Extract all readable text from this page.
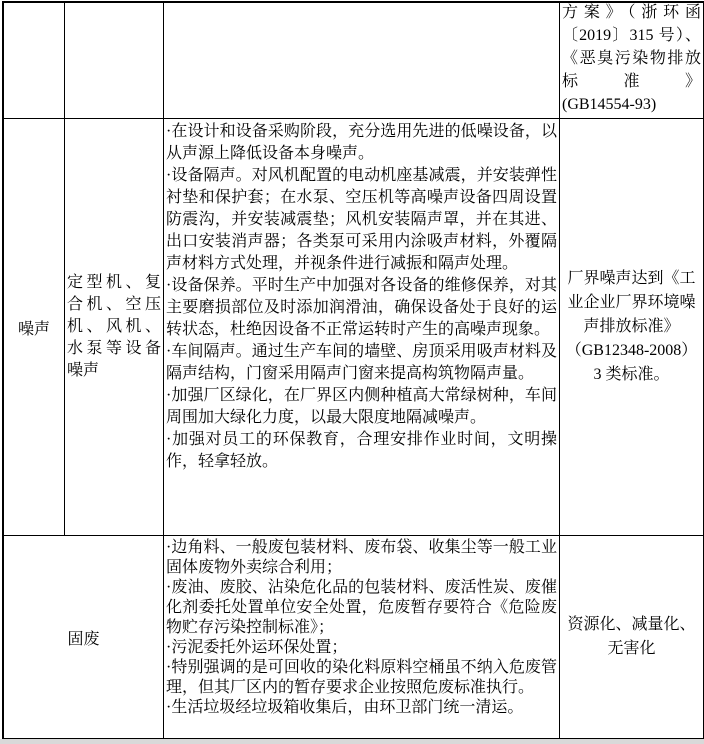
方案》（浙环函
〔2019〕315 号）、
《恶臭污染物排放
标准》
(GB14554-93)
噪声
定型机、复合机、空压机、风机、水泵等设备噪声
·在设计和设备采购阶段，充分选用先进的低噪设备，以从声源上降低设备本身噪声。
·设备隔声。对风机配置的电动机座基减震，并安装弹性衬垫和保护套；在水泵、空压机等高噪声设备四周设置防震沟，并安装减震垫；风机安装隔声罩，并在其进、出口安装消声器；各类泵可采用内涂吸声材料，外覆隔声材料方式处理，并视条件进行减振和隔声处理。
·设备保养。平时生产中加强对各设备的维修保养，对其主要磨损部位及时添加润滑油，确保设备处于良好的运转状态，杜绝因设备不正常运转时产生的高噪声现象。
·车间隔声。通过生产车间的墙壁、房顶采用吸声材料及隔声结构，门窗采用隔声门窗来提高构筑物隔声量。
·加强厂区绿化，在厂界区内侧种植高大常绿树种，车间周围加大绿化力度，以最大限度地隔减噪声。
·加强对员工的环保教育，合理安排作业时间，文明操作，轻拿轻放。
厂界噪声达到《工业企业厂界环境噪声排放标准》（GB12348-2008）3 类标准。
固废
·边角料、一般废包装材料、废布袋、收集尘等一般工业固体废物外卖综合利用；
·废油、废胶、沾染危化品的包装材料、废活性炭、废催化剂委托处置单位安全处置，危废暂存要符合《危险废物贮存污染控制标准》；
·污泥委托外运环保处置；
·特别强调的是可回收的染化料原料空桶虽不纳入危废管理，但其厂区内的暂存要求企业按照危废标准执行。
·生活垃圾经垃圾箱收集后，由环卫部门统一清运。
资源化、减量化、无害化
